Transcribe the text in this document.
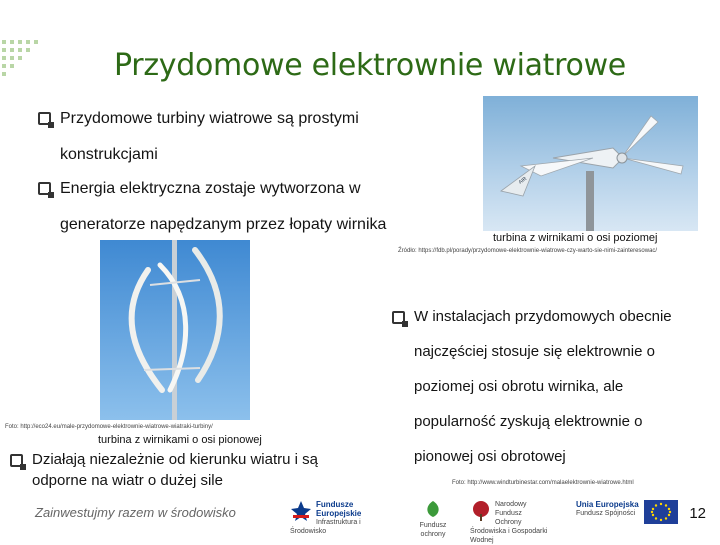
Przydomowe elektrownie wiatrowe
Przydomowe turbiny wiatrowe są prostymi
konstrukcjami
Energia elektryczna zostaje wytworzona w
generatorze napędzanym przez łopaty wirnika
AIR
turbina z wirnikami o osi poziomej
Źródło: https://fdb.pl/porady/przydomowe-elektrownie-wiatrowe-czy-warto-sie-nimi-zainteresowac/
Foto: http://eco24.eu/male-przydomowe-elektrownie-wiatrowe-wiatraki-turbiny/
turbina z wirnikami o osi pionowej
W instalacjach przydomowych obecnie
najczęściej stosuje się elektrownie o
poziomej osi obrotu wirnika, ale
popularność zyskują elektrownie o
pionowej osi obrotowej
Foto: http://www.windturbinestar.com/malaelektrownie-wiatrowe.html
Działają niezależnie od kierunku wiatru i są
odporne na wiatr o dużej sile
Zainwestujmy razem w środowisko
Fundusze Europejskie
Infrastruktura i Środowisko
Fundusz ochrony
Narodowy Fundusz Ochrony Środowiska i Gospodarki Wodnej
Unia Europejska
Fundusz Spójności	12
